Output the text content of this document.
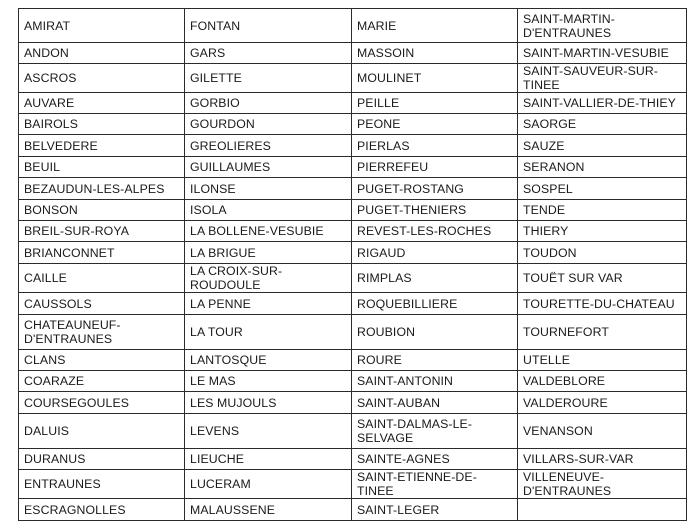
AMIRAT	FONTAN	MARIE	SAINT-MARTIN-D'ENTRAUNES
ANDON	GARS	MASSOIN	SAINT-MARTIN-VESUBIE
ASCROS	GILETTE	MOULINET	SAINT-SAUVEUR-SUR-TINEE
AUVARE	GORBIO	PEILLE	SAINT-VALLIER-DE-THIEY
BAIROLS	GOURDON	PEONE	SAORGE
BELVEDERE	GREOLIERES	PIERLAS	SAUZE
BEUIL	GUILLAUMES	PIERREFEU	SERANON
BEZAUDUN-LES-ALPES	ILONSE	PUGET-ROSTANG	SOSPEL
BONSON	ISOLA	PUGET-THENIERS	TENDE
BREIL-SUR-ROYA	LA BOLLENE-VESUBIE	REVEST-LES-ROCHES	THIERY
BRIANCONNET	LA BRIGUE	RIGAUD	TOUDON
CAILLE	LA CROIX-SUR-ROUDOULE	RIMPLAS	TOUËT SUR VAR
CAUSSOLS	LA PENNE	ROQUEBILLIERE	TOURETTE-DU-CHATEAU
CHATEAUNEUF-D'ENTRAUNES	LA TOUR	ROUBION	TOURNEFORT
CLANS	LANTOSQUE	ROURE	UTELLE
COARAZE	LE MAS	SAINT-ANTONIN	VALDEBLORE
COURSEGOULES	LES MUJOULS	SAINT-AUBAN	VALDEROURE
DALUIS	LEVENS	SAINT-DALMAS-LE-SELVAGE	VENANSON
DURANUS	LIEUCHE	SAINTE-AGNES	VILLARS-SUR-VAR
ENTRAUNES	LUCERAM	SAINT-ETIENNE-DE-TINEE	VILLENEUVE-D'ENTRAUNES
ESCRAGNOLLES	MALAUSSENE	SAINT-LEGER	
